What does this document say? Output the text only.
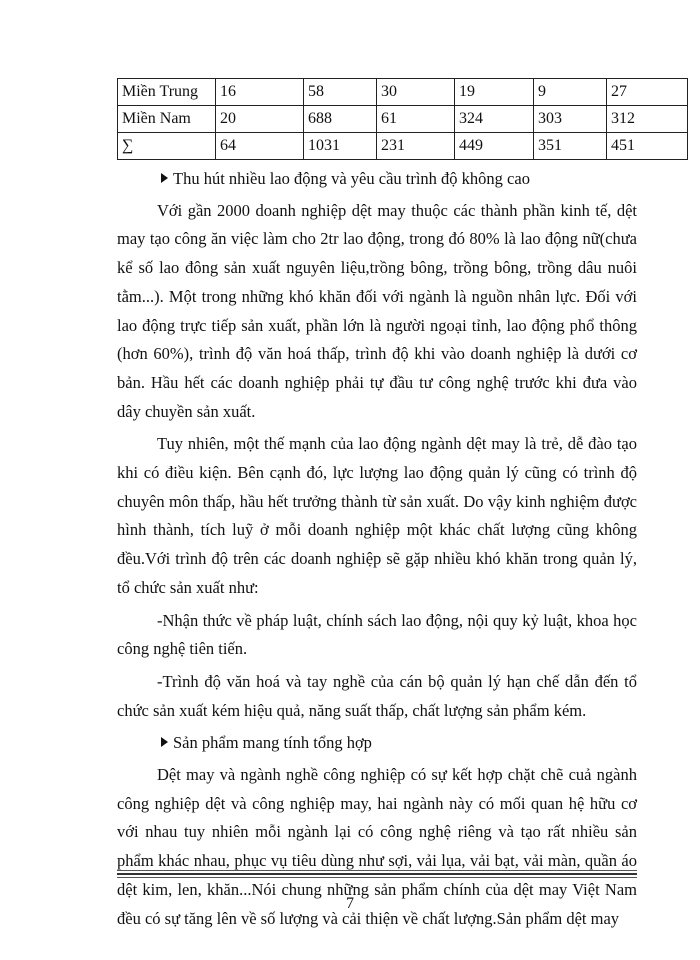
Miền Trung	16	58	30	19	9	27
Miền Nam	20	688	61	324	303	312
∑	64	1031	231	449	351	451

Thu hút nhiều lao động và yêu cầu trình độ không cao

Với gần 2000 doanh nghiệp dệt may thuộc các thành phần kinh tế, dệt may tạo công ăn việc làm cho 2tr lao động, trong đó 80% là lao động nữ(chưa kể số lao đông sản xuất nguyên liệu,trồng bông, trồng bông, trồng dâu nuôi tằm...). Một trong những khó khăn đối với ngành là nguồn nhân lực. Đối với lao động trực tiếp sản xuất, phần lớn là người ngoại tỉnh, lao động phổ thông (hơn 60%), trình độ văn hoá thấp, trình độ khi vào doanh nghiệp là dưới cơ bản. Hầu hết các doanh nghiệp phải tự đầu tư công nghệ trước khi đưa vào dây chuyền sản xuất.

Tuy nhiên, một thế mạnh của lao động ngành dệt may là trẻ, dễ đào tạo khi có điều kiện. Bên cạnh đó, lực lượng lao động quản lý cũng có trình độ chuyên môn thấp, hầu hết trưởng thành từ sản xuất. Do vậy kinh nghiệm được hình thành, tích luỹ ở mỗi doanh nghiệp một khác chất lượng cũng không đều.Với trình độ trên các doanh nghiệp sẽ gặp nhiều khó khăn trong quản lý, tổ chức sản xuất như:

-Nhận thức về pháp luật, chính sách lao động, nội quy kỷ luật, khoa học công nghệ tiên tiến.

-Trình độ văn hoá và tay nghề của cán bộ quản lý hạn chế dẫn đến tổ chức sản xuất kém hiệu quả, năng suất thấp, chất lượng sản phẩm kém.

Sản phẩm mang tính tổng hợp

Dệt may và ngành nghề công nghiệp có sự kết hợp chặt chẽ cuả ngành công nghiệp dệt và công nghiệp may, hai ngành này có mối quan hệ hữu cơ với nhau tuy nhiên mỗi ngành lại có công nghệ riêng và tạo rất nhiều sản phẩm khác nhau, phục vụ tiêu dùng như sợi, vải lụa, vải bạt, vải màn, quần áo dệt kim, len, khăn...Nói chung những sản phẩm chính của dệt may Việt Nam đều có sự tăng lên về số lượng và cải thiện về chất lượng.Sản phẩm dệt may

7
